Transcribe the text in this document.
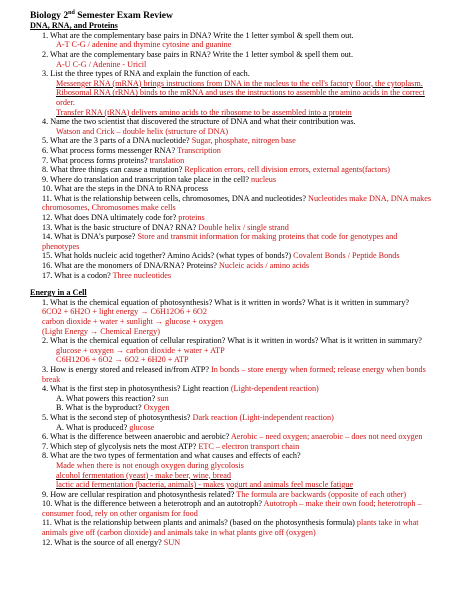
Biology 2nd Semester Exam Review
DNA, RNA, and Proteins
1. What are the complementary base pairs in DNA? Write the 1 letter symbol & spell them out.
A-T C-G / adenine and thymine cytosine and guanine
2. What are the complementary base pairs in RNA? Write the 1 letter symbol & spell them out.
A-U C-G / Adenine - Uricil
3. List the three types of RNA and explain the function of each.
Messenger RNA (mRNA) brings instructions from DNA in the nucleus to the cell's factory floor, the cytoplasm.
Ribosomal RNA (rRNA) binds to the mRNA and uses the instructions to assemble the amino acids in the correct
order.
Transfer RNA (tRNA) delivers amino acids to the ribosome to be assembled into a protein
4. Name the two scientist that discovered the structure of DNA and what their contribution was.
Watson and Crick – double helix (structure of DNA)
5. What are the 3 parts of a DNA nucleotide? Sugar, phosphate, nitrogen base
6. What process forms messenger RNA? Transcription
7. What process forms proteins? translation
8. What three things can cause a mutation? Replication errors, cell division errors, external agents(factors)
9. Where do translation and transcription take place in the cell? nucleus
10. What are the steps in the DNA to RNA process
11. What is the relationship between cells, chromosomes, DNA and nucleotides? Nucleotides make DNA, DNA makes
chromosomes, Chromosomes make cells
12. What does DNA ultimately code for? proteins
13. What is the basic structure of DNA? RNA? Double helix / single strand
14. What is DNA's purpose? Store and transmit information for making proteins that code for genotypes and
phenotypes
15. What holds nucleic acid together? Amino Acids? (what types of bonds?) Covalent Bonds / Peptide Bonds
16. What are the monomers of DNA/RNA? Proteins? Nucleic acids / amino acids
17. What is a codon? Three nucleotides
Energy in a Cell
1. What is the chemical equation of photosynthesis? What is it written in words? What is it written in summary?
6CO2 + 6H2O + light energy → C6H12O6 + 6O2
carbon dioxide + water + sunlight → glucose + oxygen
(Light Energy → Chemical Energy)
2. What is the chemical equation of cellular respiration? What is it written in words? What is it written in summary?
glucose + oxygen → carbon dioxide + water + ATP
C6H12O6 + 6O2 → 6O2 + 6H20 + ATP
3. How is energy stored and released in/from ATP? In bonds – store energy when formed; release energy when bonds
break
4. What is the first step in photosynthesis? Light reaction (Light-dependent reaction)
A. What powers this reaction? sun
B. What is the byproduct? Oxygen
5. What is the second step of photosynthesis? Dark reaction (Light-independent reaction)
A. What is produced? glucose
6. What is the difference between anaerobic and aerobic? Aerobic – need oxygen; anaerobic – does not need oxygen
7. Which step of glycolysis nets the most ATP? ETC – electron transport chain
8. What are the two types of fermentation and what causes and effects of each?
Made when there is not enough oxygen during glycolosis
alcohol fermentation (yeast) - make beer, wine, bread
lactic acid fermentation (bacteria, animals) - makes yogurt and animals feel muscle fatigue
9. How are cellular respiration and photosynthesis related? The formula are backwards (opposite of each other)
10. What is the difference between a heterotroph and an autotroph? Autotroph – make their own food; heterotroph –
consumer food, rely on other organism for food
11. What is the relationship between plants and animals? (based on the photosynthesis formula) plants take in what
animals give off (carbon dioxide) and animals take in what plants give off (oxygen)
12. What is the source of all energy? SUN
